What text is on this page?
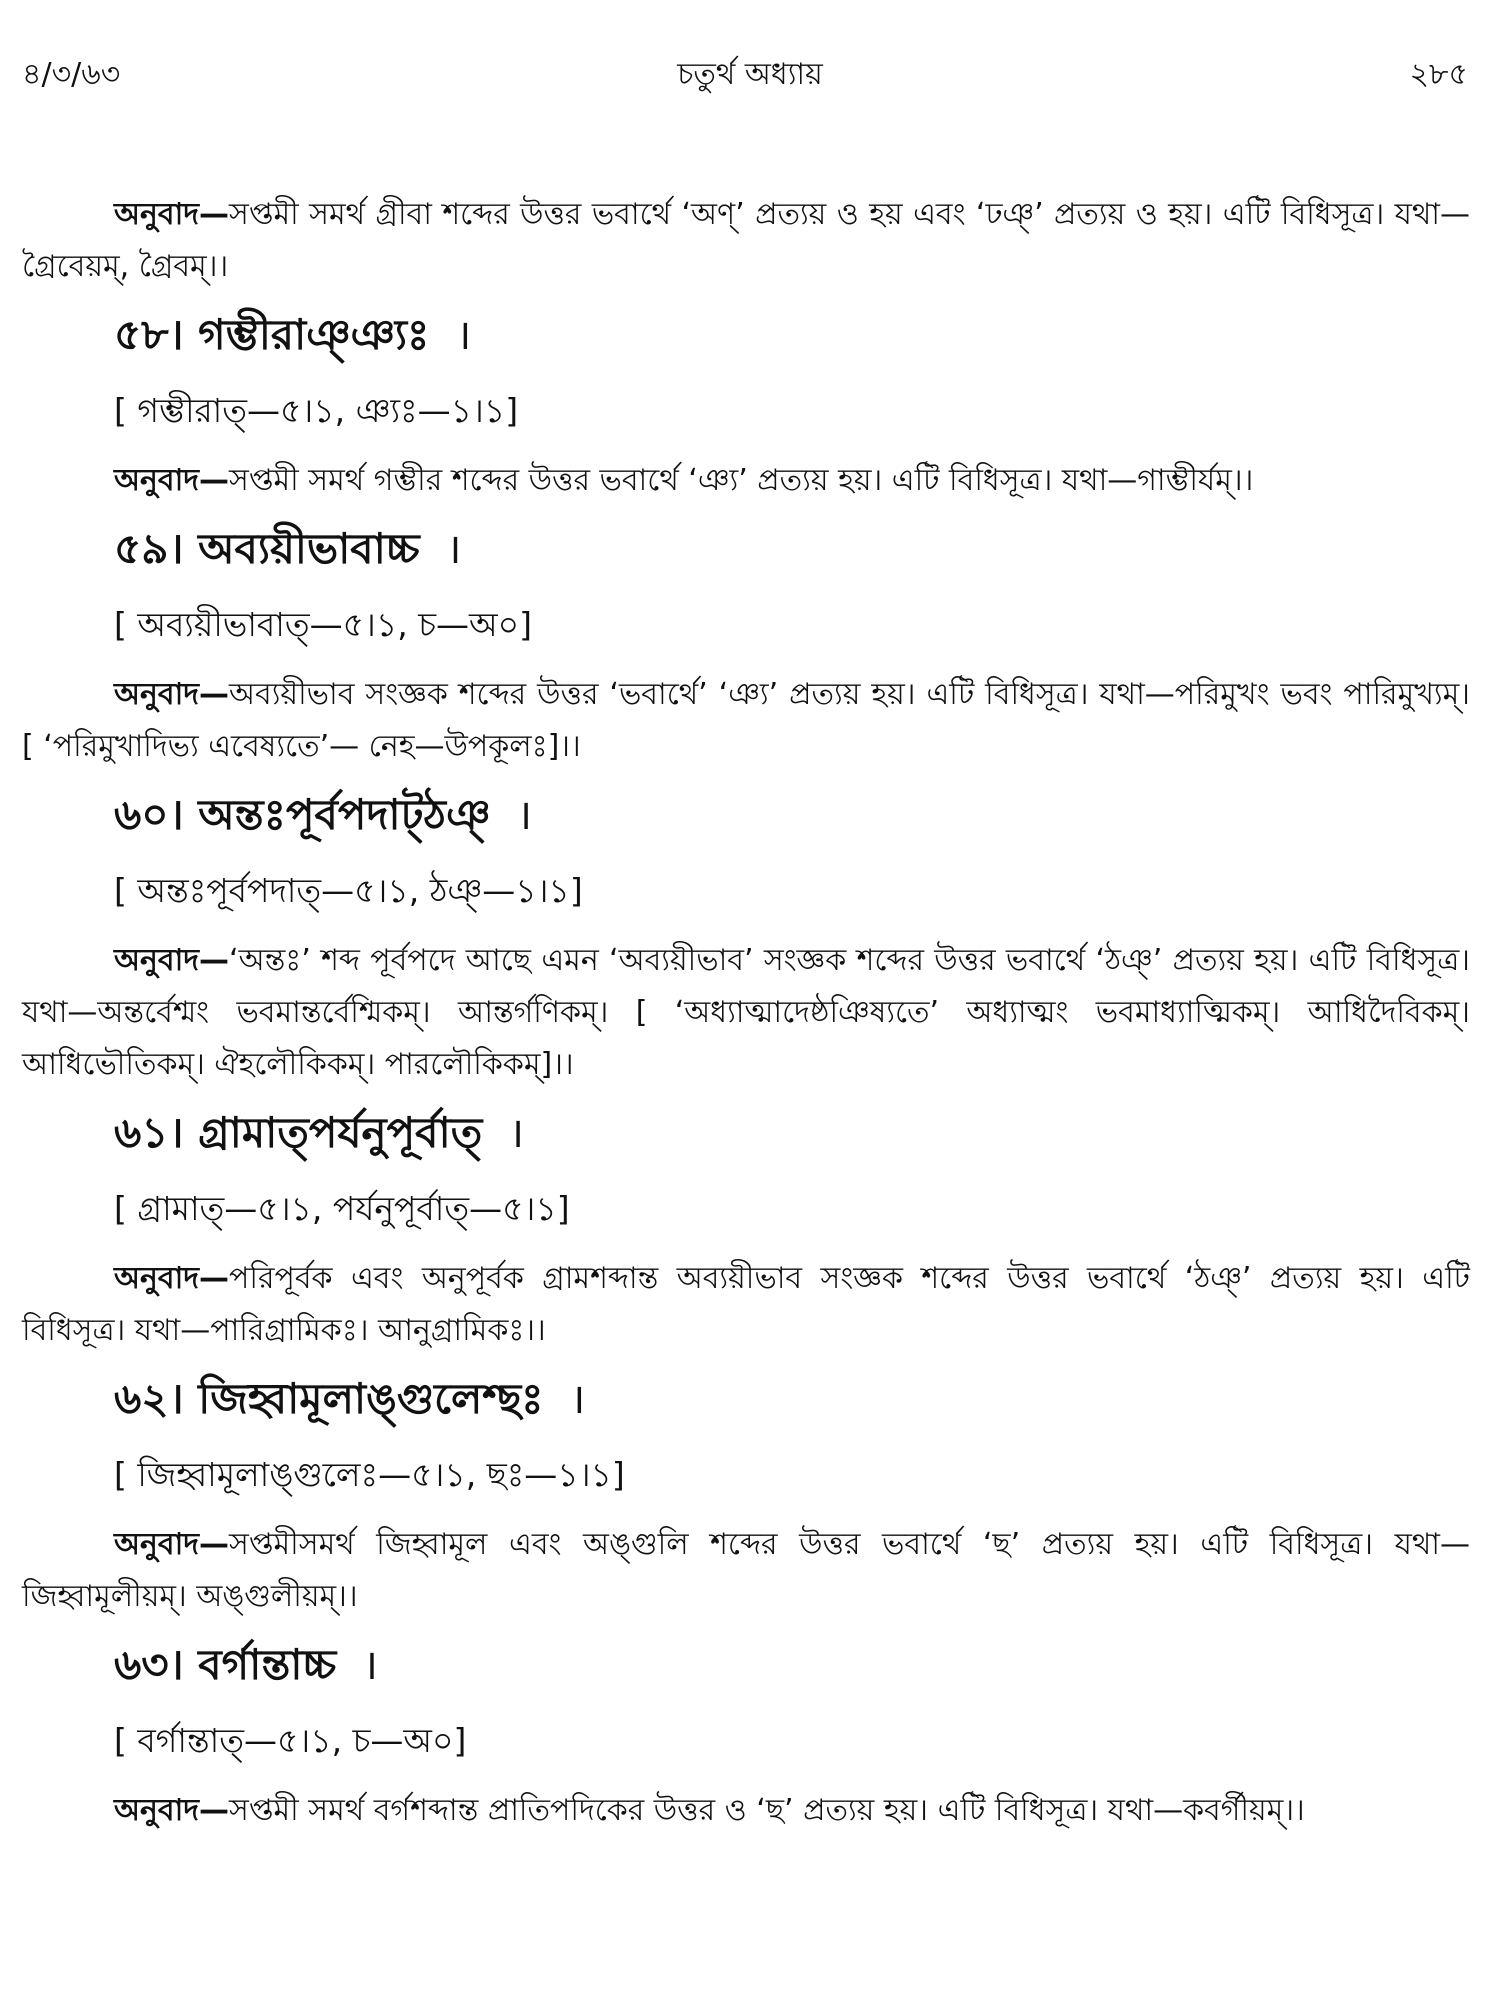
৪/৩/৬৩	২৮৫
চতুর্থ অধ্যায়

অনুবাদ—সপ্তমী সমর্থ গ্রীবা শব্দের উত্তর ভবার্থে ‘অণ্’ প্রত্যয় ও হয় এবং ‘ঢঞ্’ প্রত্যয় ও হয়। এটি বিধিসূত্র। যথা—গ্রৈবেয়ম্, গ্রৈবম্।।

৫৮। গম্ভীরাঞ্ঞ্যঃ ।
[ গম্ভীরাত্—৫।১, ঞ্যঃ—১।১]

অনুবাদ—সপ্তমী সমর্থ গম্ভীর শব্দের উত্তর ভবার্থে ‘ঞ্য’ প্রত্যয় হয়। এটি বিধিসূত্র। যথা—গাম্ভীর্যম্।।

৫৯। অব্যয়ীভাবাচ্চ ।
[ অব্যয়ীভাবাত্—৫।১, চ—অ০]

অনুবাদ—অব্যয়ীভাব সংজ্ঞক শব্দের উত্তর ‘ভবার্থে’ ‘ঞ্য’ প্রত্যয় হয়। এটি বিধিসূত্র। যথা—পরিমুখং ভবং পারিমুখ্যম্। [ ‘পরিমুখাদিভ্য এবেষ্যতে’— নেহ—উপকূলঃ]।।

৬০। অন্তঃপূর্বপদাট্ঠঞ্ ।
[ অন্তঃপূর্বপদাত্—৫।১, ঠঞ্—১।১]

অনুবাদ—‘অন্তঃ’ শব্দ পূর্বপদে আছে এমন ‘অব্যয়ীভাব’ সংজ্ঞক শব্দের উত্তর ভবার্থে ‘ঠঞ্’ প্রত্যয় হয়। এটি বিধিসূত্র। যথা—অন্তর্বেশ্মং ভবমান্তর্বেশ্মিকম্। আন্তর্গণিকম্। [ ‘অধ্যাত্মাদেষ্ঠঞিষ্যতে’ অধ্যাত্মং ভবমাধ্যাত্মিকম্। আধিদৈবিকম্। আধিভৌতিকম্। ঐহলৌকিকম্। পারলৌকিকম্]।।

৬১। গ্রামাত্পর্যনুপূর্বাত্ ।
[ গ্রামাত্—৫।১, পর্যনুপূর্বাত্—৫।১]

অনুবাদ—পরিপূর্বক এবং অনুপূর্বক গ্রামশব্দান্ত অব্যয়ীভাব সংজ্ঞক শব্দের উত্তর ভবার্থে ‘ঠঞ্’ প্রত্যয় হয়। এটি বিধিসূত্র। যথা—পারিগ্রামিকঃ। আনুগ্রামিকঃ।।

৬২। জিহ্বামূলাঙ্গুলেশ্ছঃ ।
[ জিহ্বামূলাঙ্গুলেঃ—৫।১, ছঃ—১।১]

অনুবাদ—সপ্তমীসমর্থ জিহ্বামূল এবং অঙ্গুলি শব্দের উত্তর ভবার্থে ‘ছ’ প্রত্যয় হয়। এটি বিধিসূত্র। যথা—জিহ্বামূলীয়ম্। অঙ্গুলীয়ম্।।

৬৩। বর্গান্তাচ্চ ।
[ বর্গান্তাত্—৫।১, চ—অ০]

অনুবাদ—সপ্তমী সমর্থ বর্গশব্দান্ত প্রাতিপদিকের উত্তর ও ‘ছ’ প্রত্যয় হয়। এটি বিধিসূত্র। যথা—কবর্গীয়ম্।।
